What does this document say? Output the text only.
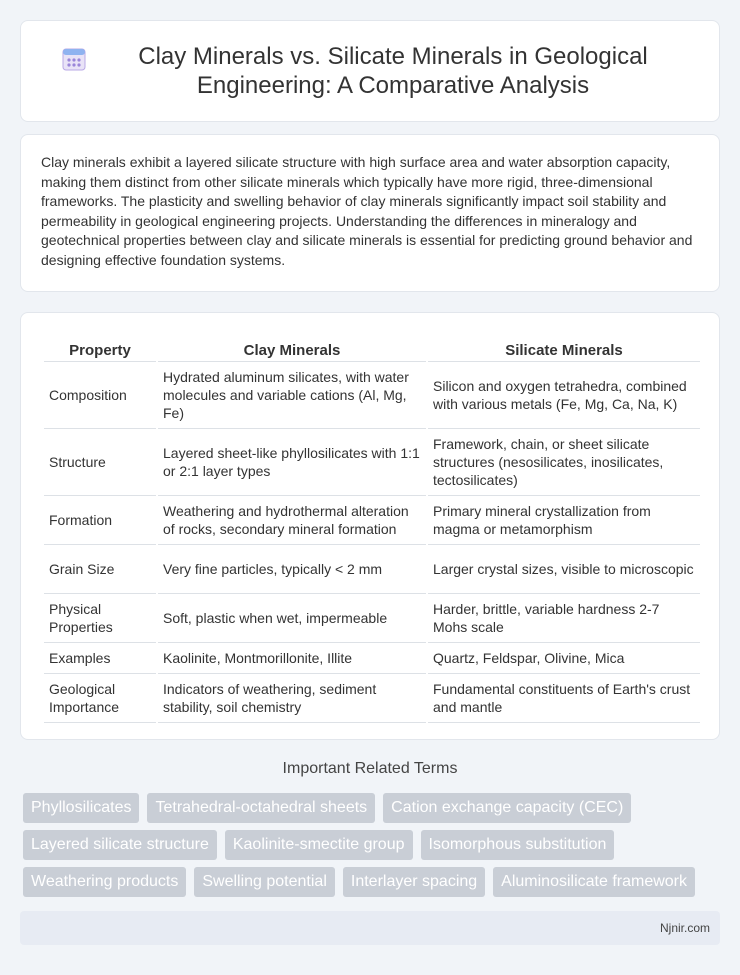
Clay Minerals vs. Silicate Minerals in Geological Engineering: A Comparative Analysis

Clay minerals exhibit a layered silicate structure with high surface area and water absorption capacity, making them distinct from other silicate minerals which typically have more rigid, three-dimensional frameworks. The plasticity and swelling behavior of clay minerals significantly impact soil stability and permeability in geological engineering projects. Understanding the differences in mineralogy and geotechnical properties between clay and silicate minerals is essential for predicting ground behavior and designing effective foundation systems.

Property	Clay Minerals	Silicate Minerals
Composition	Hydrated aluminum silicates, with water molecules and variable cations (Al, Mg, Fe)	Silicon and oxygen tetrahedra, combined with various metals (Fe, Mg, Ca, Na, K)
Structure	Layered sheet-like phyllosilicates with 1:1 or 2:1 layer types	Framework, chain, or sheet silicate structures (nesosilicates, inosilicates, tectosilicates)
Formation	Weathering and hydrothermal alteration of rocks, secondary mineral formation	Primary mineral crystallization from magma or metamorphism
Grain Size	Very fine particles, typically < 2 mm	Larger crystal sizes, visible to microscopic
Physical Properties	Soft, plastic when wet, impermeable	Harder, brittle, variable hardness 2-7 Mohs scale
Examples	Kaolinite, Montmorillonite, Illite	Quartz, Feldspar, Olivine, Mica
Geological Importance	Indicators of weathering, sediment stability, soil chemistry	Fundamental constituents of Earth's crust and mantle
Important Related Terms
Phyllosilicates	Tetrahedral-octahedral sheets	Cation exchange capacity (CEC)
Layered silicate structure	Kaolinite-smectite group	Isomorphous substitution
Weathering products	Swelling potential	Interlayer spacing	Aluminosilicate framework
Njnir.com
